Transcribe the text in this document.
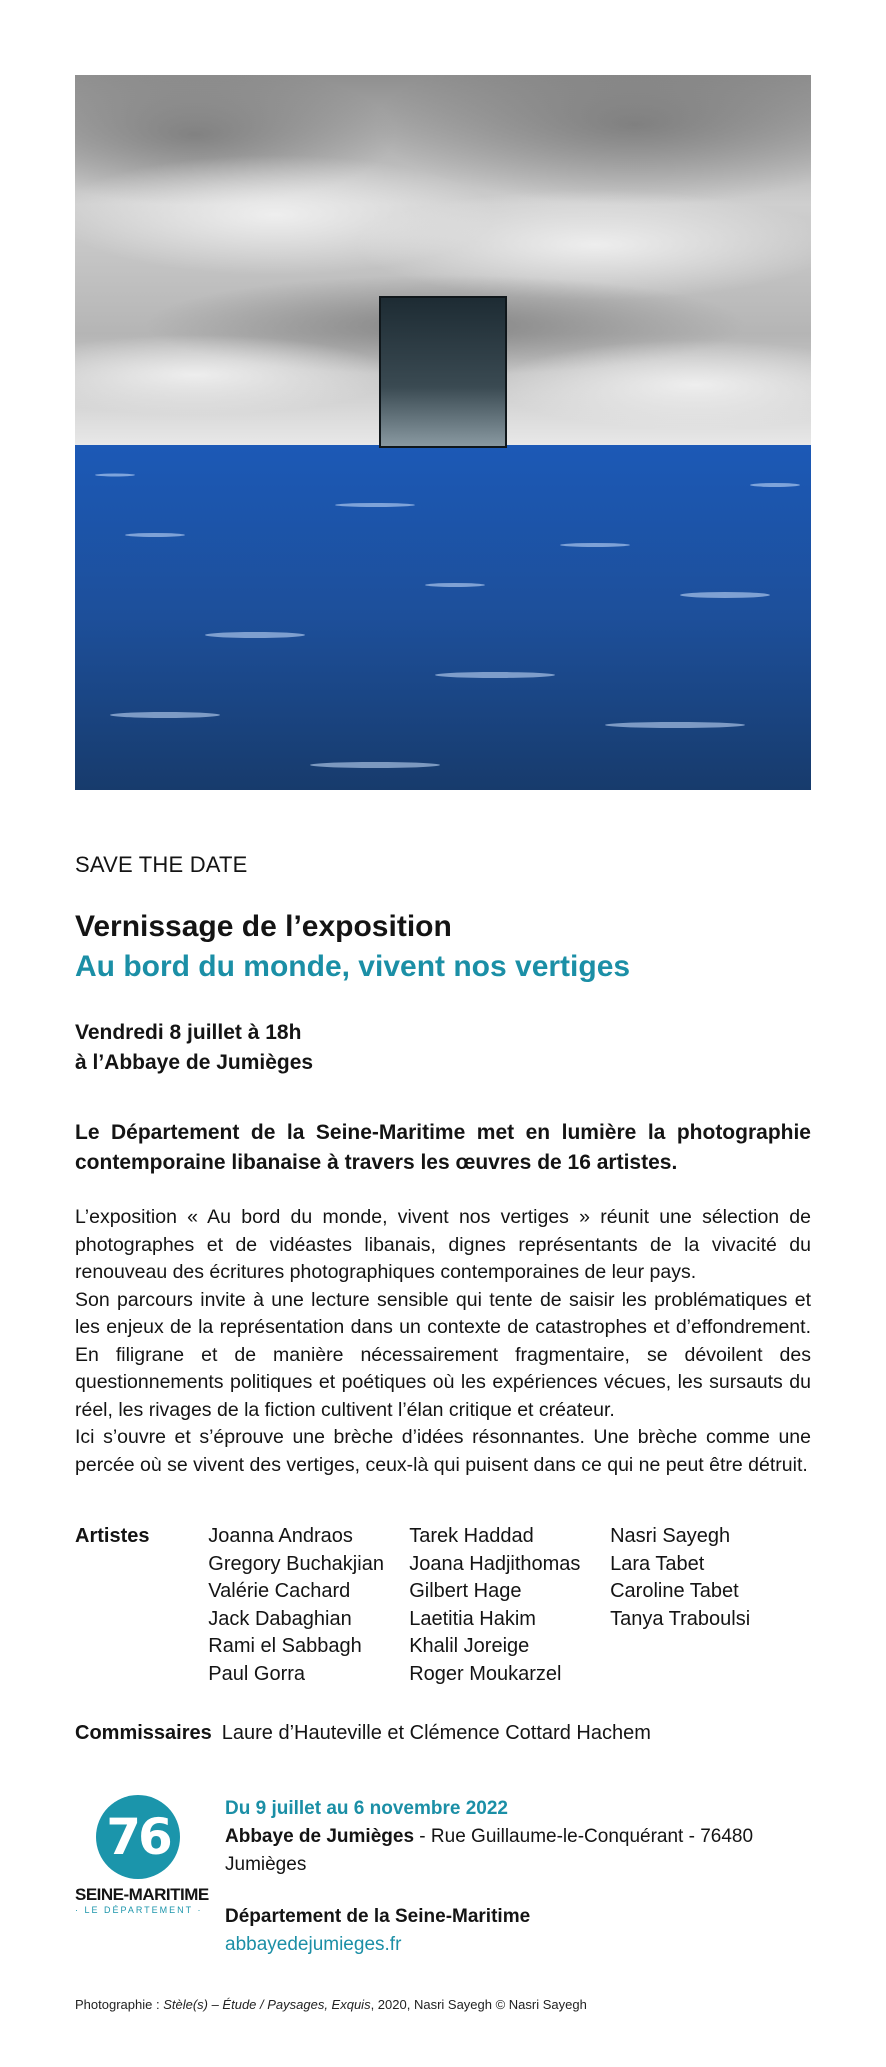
SAVE THE DATE
Vernissage de l’exposition
Au bord du monde, vivent nos vertiges
Vendredi 8 juillet à 18h
à l’Abbaye de Jumièges
Le Département de la Seine-Maritime met en lumière la photographie contemporaine libanaise à travers les œuvres de 16 artistes.

L’exposition « Au bord du monde, vivent nos vertiges » réunit une sélection de photographes et de vidéastes libanais, dignes représentants de la vivacité du renouveau des écritures photographiques contemporaines de leur pays.

Son parcours invite à une lecture sensible qui tente de saisir les problématiques et les enjeux de la représentation dans un contexte de catastrophes et d’effondrement. En filigrane et de manière nécessairement fragmentaire, se dévoilent des questionnements politiques et poétiques où les expériences vécues, les sursauts du réel, les rivages de la fiction cultivent l’élan critique et créateur.

Ici s’ouvre et s’éprouve une brèche d’idées résonnantes. Une brèche comme une percée où se vivent des vertiges, ceux-là qui puisent dans ce qui ne peut être détruit.

Artistes	Joanna Andraos
Gregory Buchakjian
Valérie Cachard
Jack Dabaghian
Rami el Sabbagh
Paul Gorra
Tarek Haddad
Joana Hadjithomas
Gilbert Hage
Laetitia Hakim
Khalil Joreige
Roger Moukarzel
Nasri Sayegh
Lara Tabet
Caroline Tabet
Tanya Traboulsi
Commissaires Laure d’Hauteville et Clémence Cottard Hachem
76
SEINE-MARITIME
· LE DÉPARTEMENT ·
Du 9 juillet au 6 novembre 2022
Abbaye de Jumièges - Rue Guillaume-le-Conquérant - 76480 Jumièges
Département de la Seine-Maritime
abbayedejumieges.fr
Photographie : Stèle(s) – Étude / Paysages, Exquis, 2020, Nasri Sayegh © Nasri Sayegh
